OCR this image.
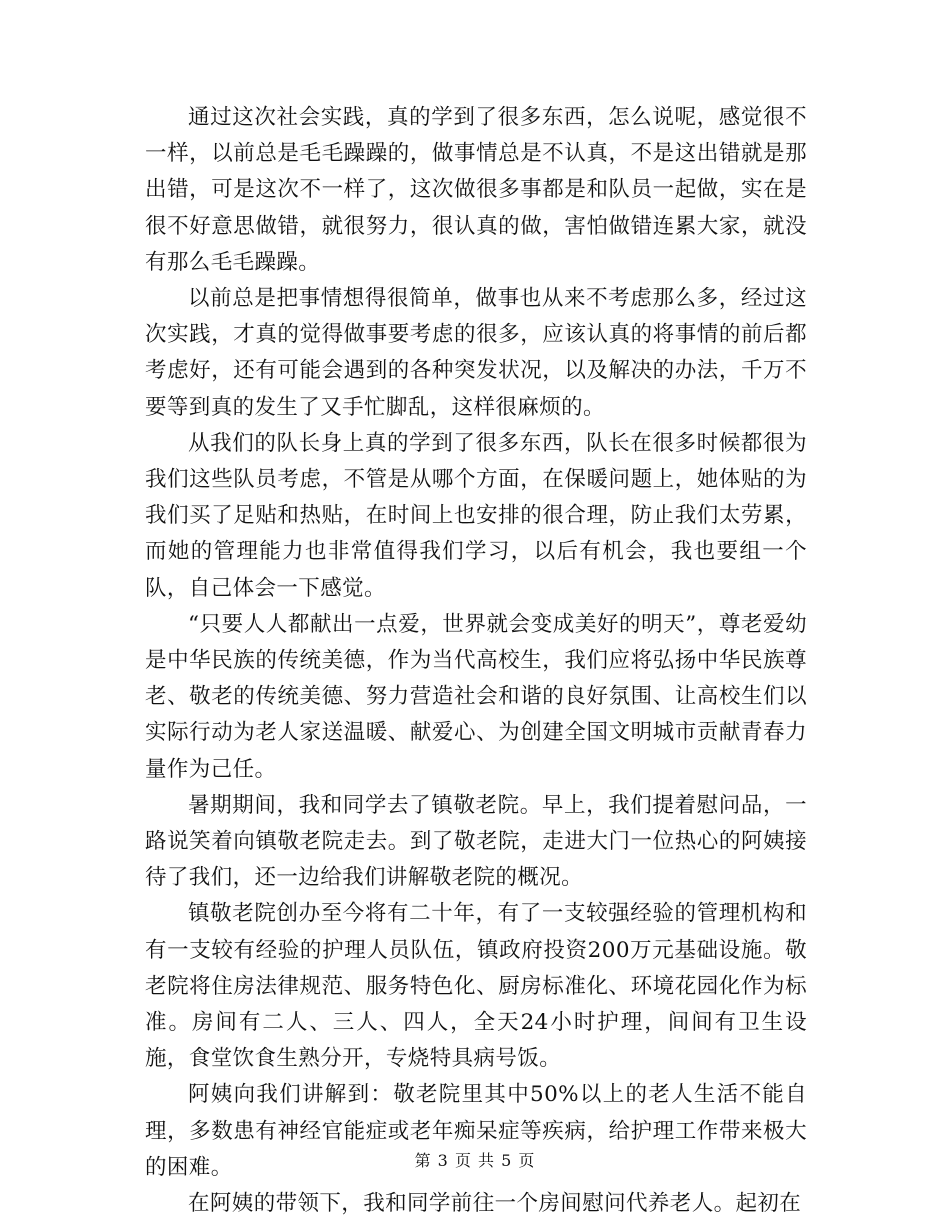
通过这次社会实践，真的学到了很多东西，怎么说呢，感觉很不一样，以前总是毛毛躁躁的，做事情总是不认真，不是这出错就是那出错，可是这次不一样了，这次做很多事都是和队员一起做，实在是很不好意思做错，就很努力，很认真的做，害怕做错连累大家，就没有那么毛毛躁躁。

以前总是把事情想得很简单，做事也从来不考虑那么多，经过这次实践，才真的觉得做事要考虑的很多，应该认真的将事情的前后都考虑好，还有可能会遇到的各种突发状况，以及解决的办法，千万不要等到真的发生了又手忙脚乱，这样很麻烦的。

从我们的队长身上真的学到了很多东西，队长在很多时候都很为我们这些队员考虑，不管是从哪个方面，在保暖问题上，她体贴的为我们买了足贴和热贴，在时间上也安排的很合理，防止我们太劳累，而她的管理能力也非常值得我们学习，以后有机会，我也要组一个队，自己体会一下感觉。

“只要人人都献出一点爱，世界就会变成美好的明天”，尊老爱幼是中华民族的传统美德，作为当代高校生，我们应将弘扬中华民族尊老、敬老的传统美德、努力营造社会和谐的良好氛围、让高校生们以实际行动为老人家送温暖、献爱心、为创建全国文明城市贡献青春力量作为己任。

暑期期间，我和同学去了镇敬老院。早上，我们提着慰问品，一路说笑着向镇敬老院走去。到了敬老院，走进大门一位热心的阿姨接待了我们，还一边给我们讲解敬老院的概况。

镇敬老院创办至今将有二十年，有了一支较强经验的管理机构和有一支较有经验的护理人员队伍，镇政府投资200万元基础设施。敬老院将住房法律规范、服务特色化、厨房标准化、环境花园化作为标准。房间有二人、三人、四人，全天24小时护理，间间有卫生设施，食堂饮食生熟分开，专烧特具病号饭。

阿姨向我们讲解到：敬老院里其中50%以上的老人生活不能自理，多数患有神经官能症或老年痴呆症等疾病，给护理工作带来极大的困难。

在阿姨的带领下，我和同学前往一个房间慰问代养老人。起初在

第 3 页 共 5 页
